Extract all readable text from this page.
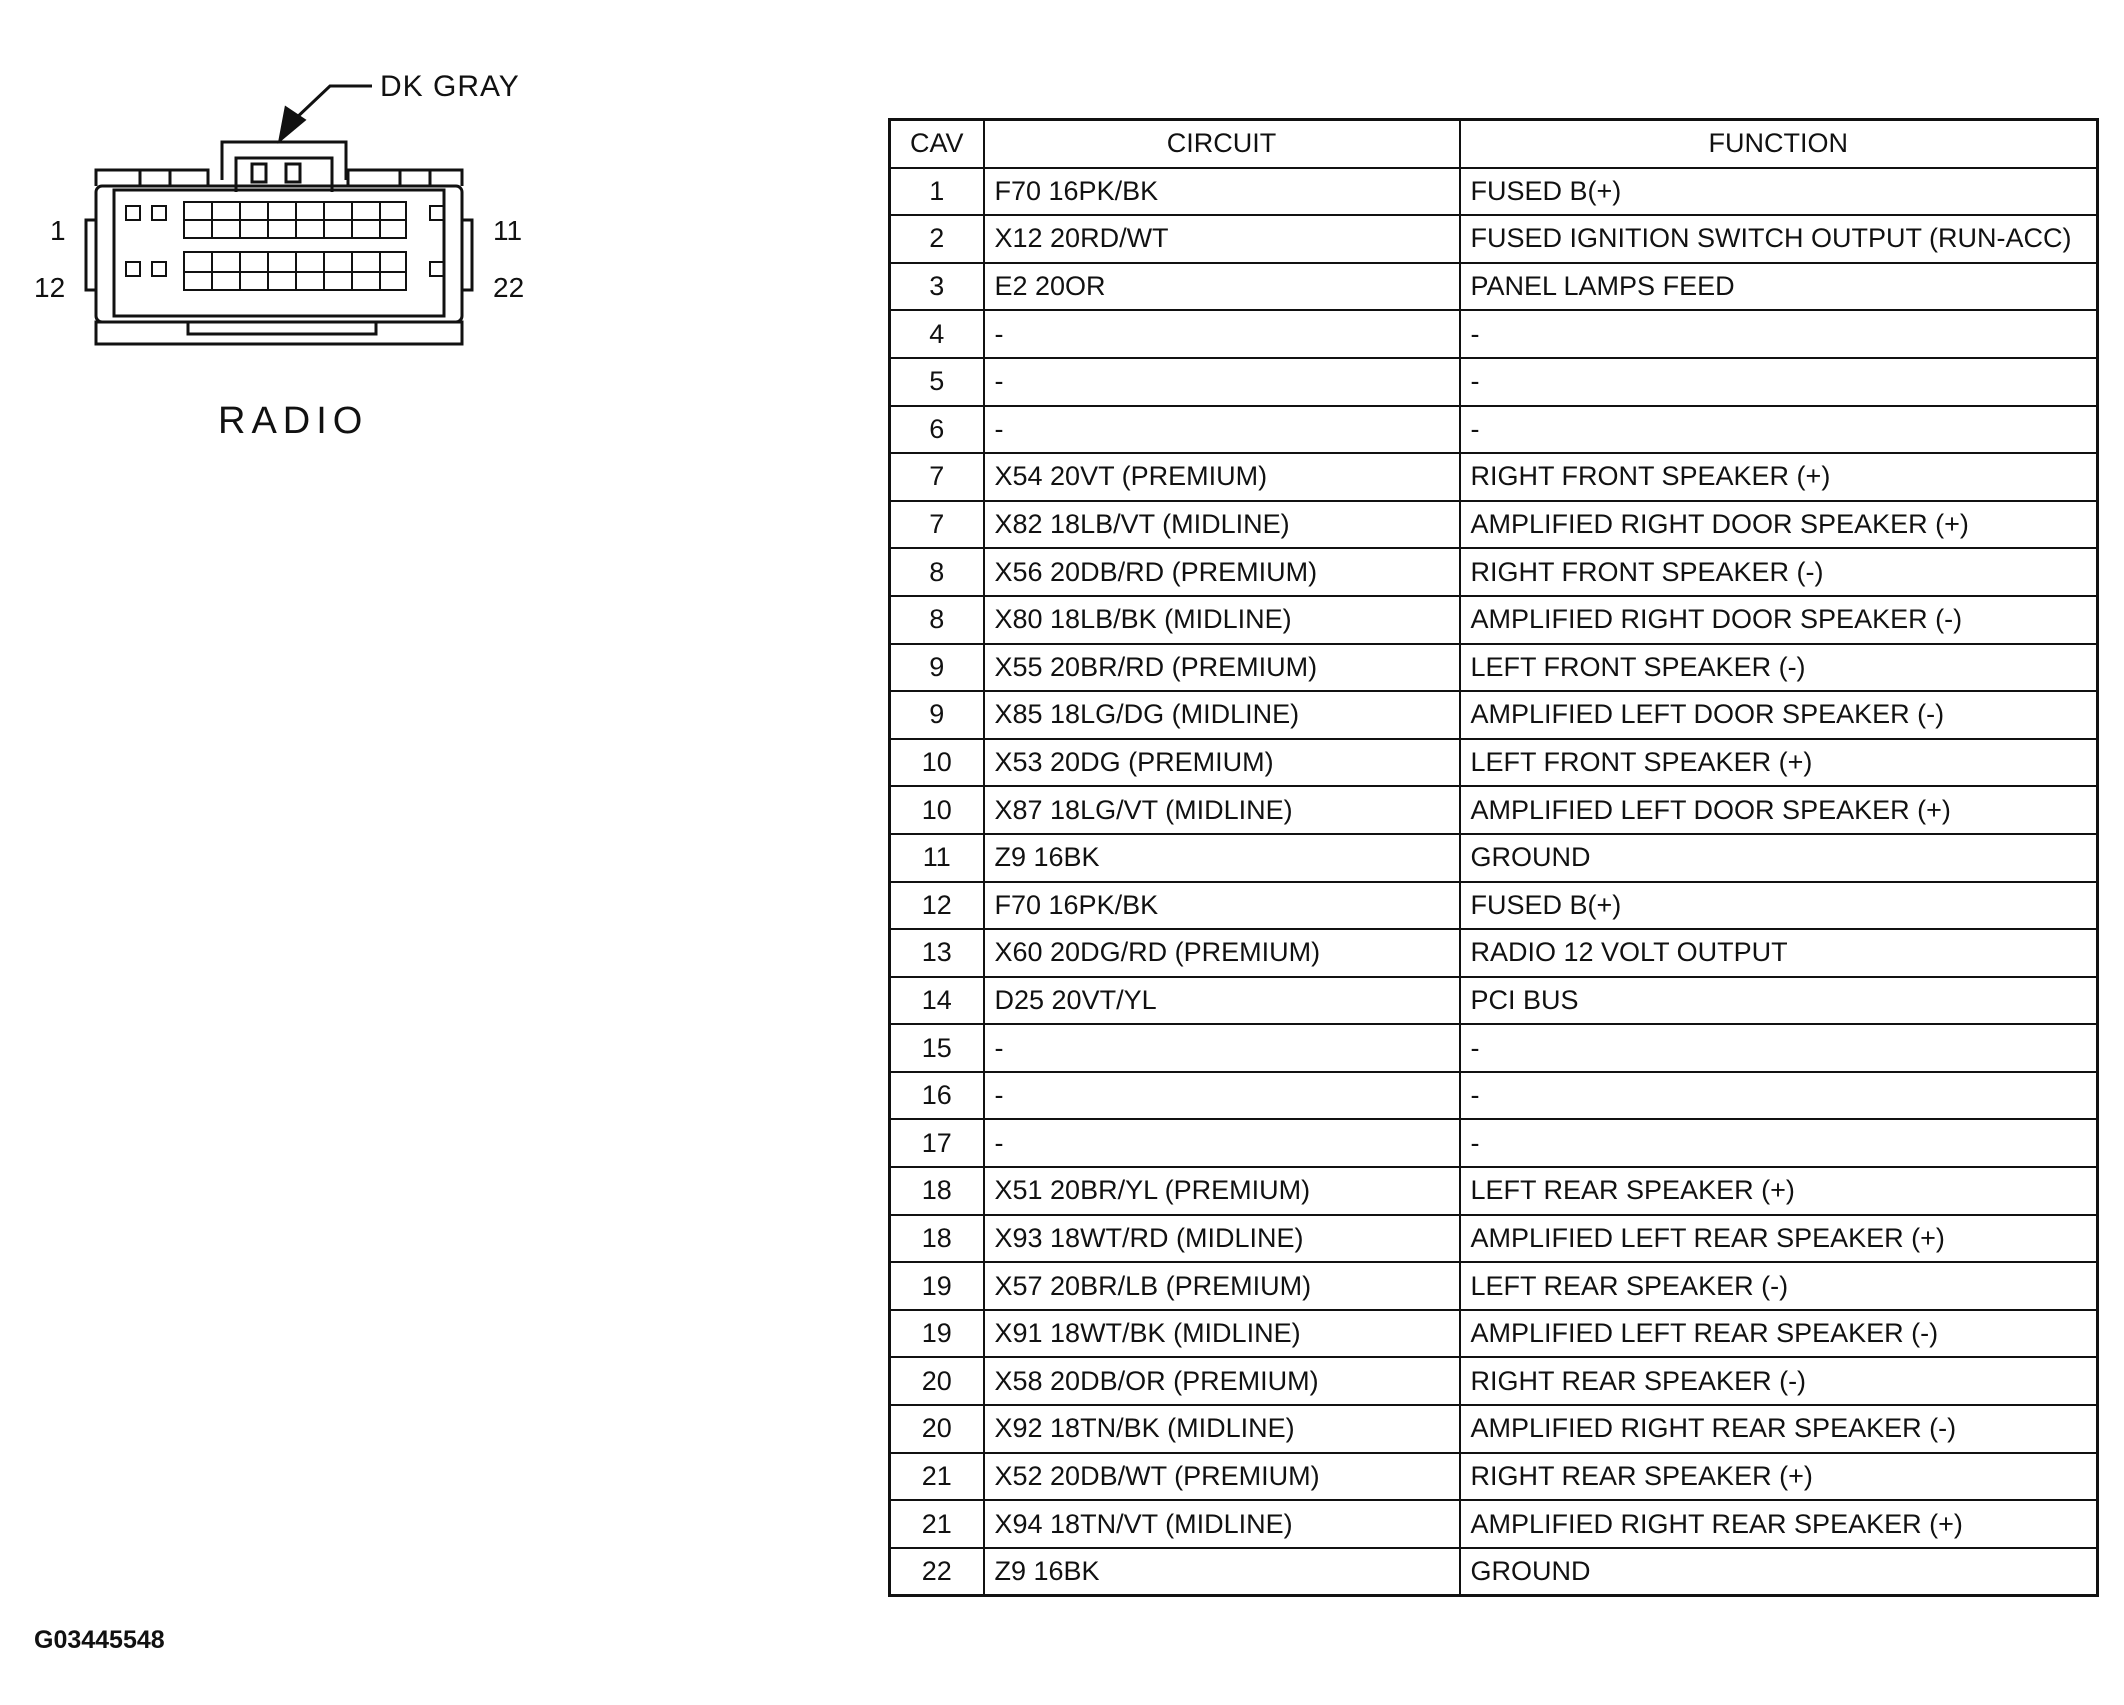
DK GRAY
1
12
11
22
RADIO
CAV	CIRCUIT	FUNCTION
1	F70 16PK/BK	FUSED B(+)
2	X12 20RD/WT	FUSED IGNITION SWITCH OUTPUT (RUN-ACC)
3	E2 20OR	PANEL LAMPS FEED
4	-	-
5	-	-
6	-	-
7	X54 20VT (PREMIUM)	RIGHT FRONT SPEAKER (+)
7	X82 18LB/VT (MIDLINE)	AMPLIFIED RIGHT DOOR SPEAKER (+)
8	X56 20DB/RD (PREMIUM)	RIGHT FRONT SPEAKER (-)
8	X80 18LB/BK (MIDLINE)	AMPLIFIED RIGHT DOOR SPEAKER (-)
9	X55 20BR/RD (PREMIUM)	LEFT FRONT SPEAKER (-)
9	X85 18LG/DG (MIDLINE)	AMPLIFIED LEFT DOOR SPEAKER (-)
10	X53 20DG (PREMIUM)	LEFT FRONT SPEAKER (+)
10	X87 18LG/VT (MIDLINE)	AMPLIFIED LEFT DOOR SPEAKER (+)
11	Z9 16BK	GROUND
12	F70 16PK/BK	FUSED B(+)
13	X60 20DG/RD (PREMIUM)	RADIO 12 VOLT OUTPUT
14	D25 20VT/YL	PCI BUS
15	-	-
16	-	-
17	-	-
18	X51 20BR/YL (PREMIUM)	LEFT REAR SPEAKER (+)
18	X93 18WT/RD (MIDLINE)	AMPLIFIED LEFT REAR SPEAKER (+)
19	X57 20BR/LB (PREMIUM)	LEFT REAR SPEAKER (-)
19	X91 18WT/BK (MIDLINE)	AMPLIFIED LEFT REAR SPEAKER (-)
20	X58 20DB/OR (PREMIUM)	RIGHT REAR SPEAKER (-)
20	X92 18TN/BK (MIDLINE)	AMPLIFIED RIGHT REAR SPEAKER (-)
21	X52 20DB/WT (PREMIUM)	RIGHT REAR SPEAKER (+)
21	X94 18TN/VT (MIDLINE)	AMPLIFIED RIGHT REAR SPEAKER (+)
22	Z9 16BK	GROUND
G03445548
